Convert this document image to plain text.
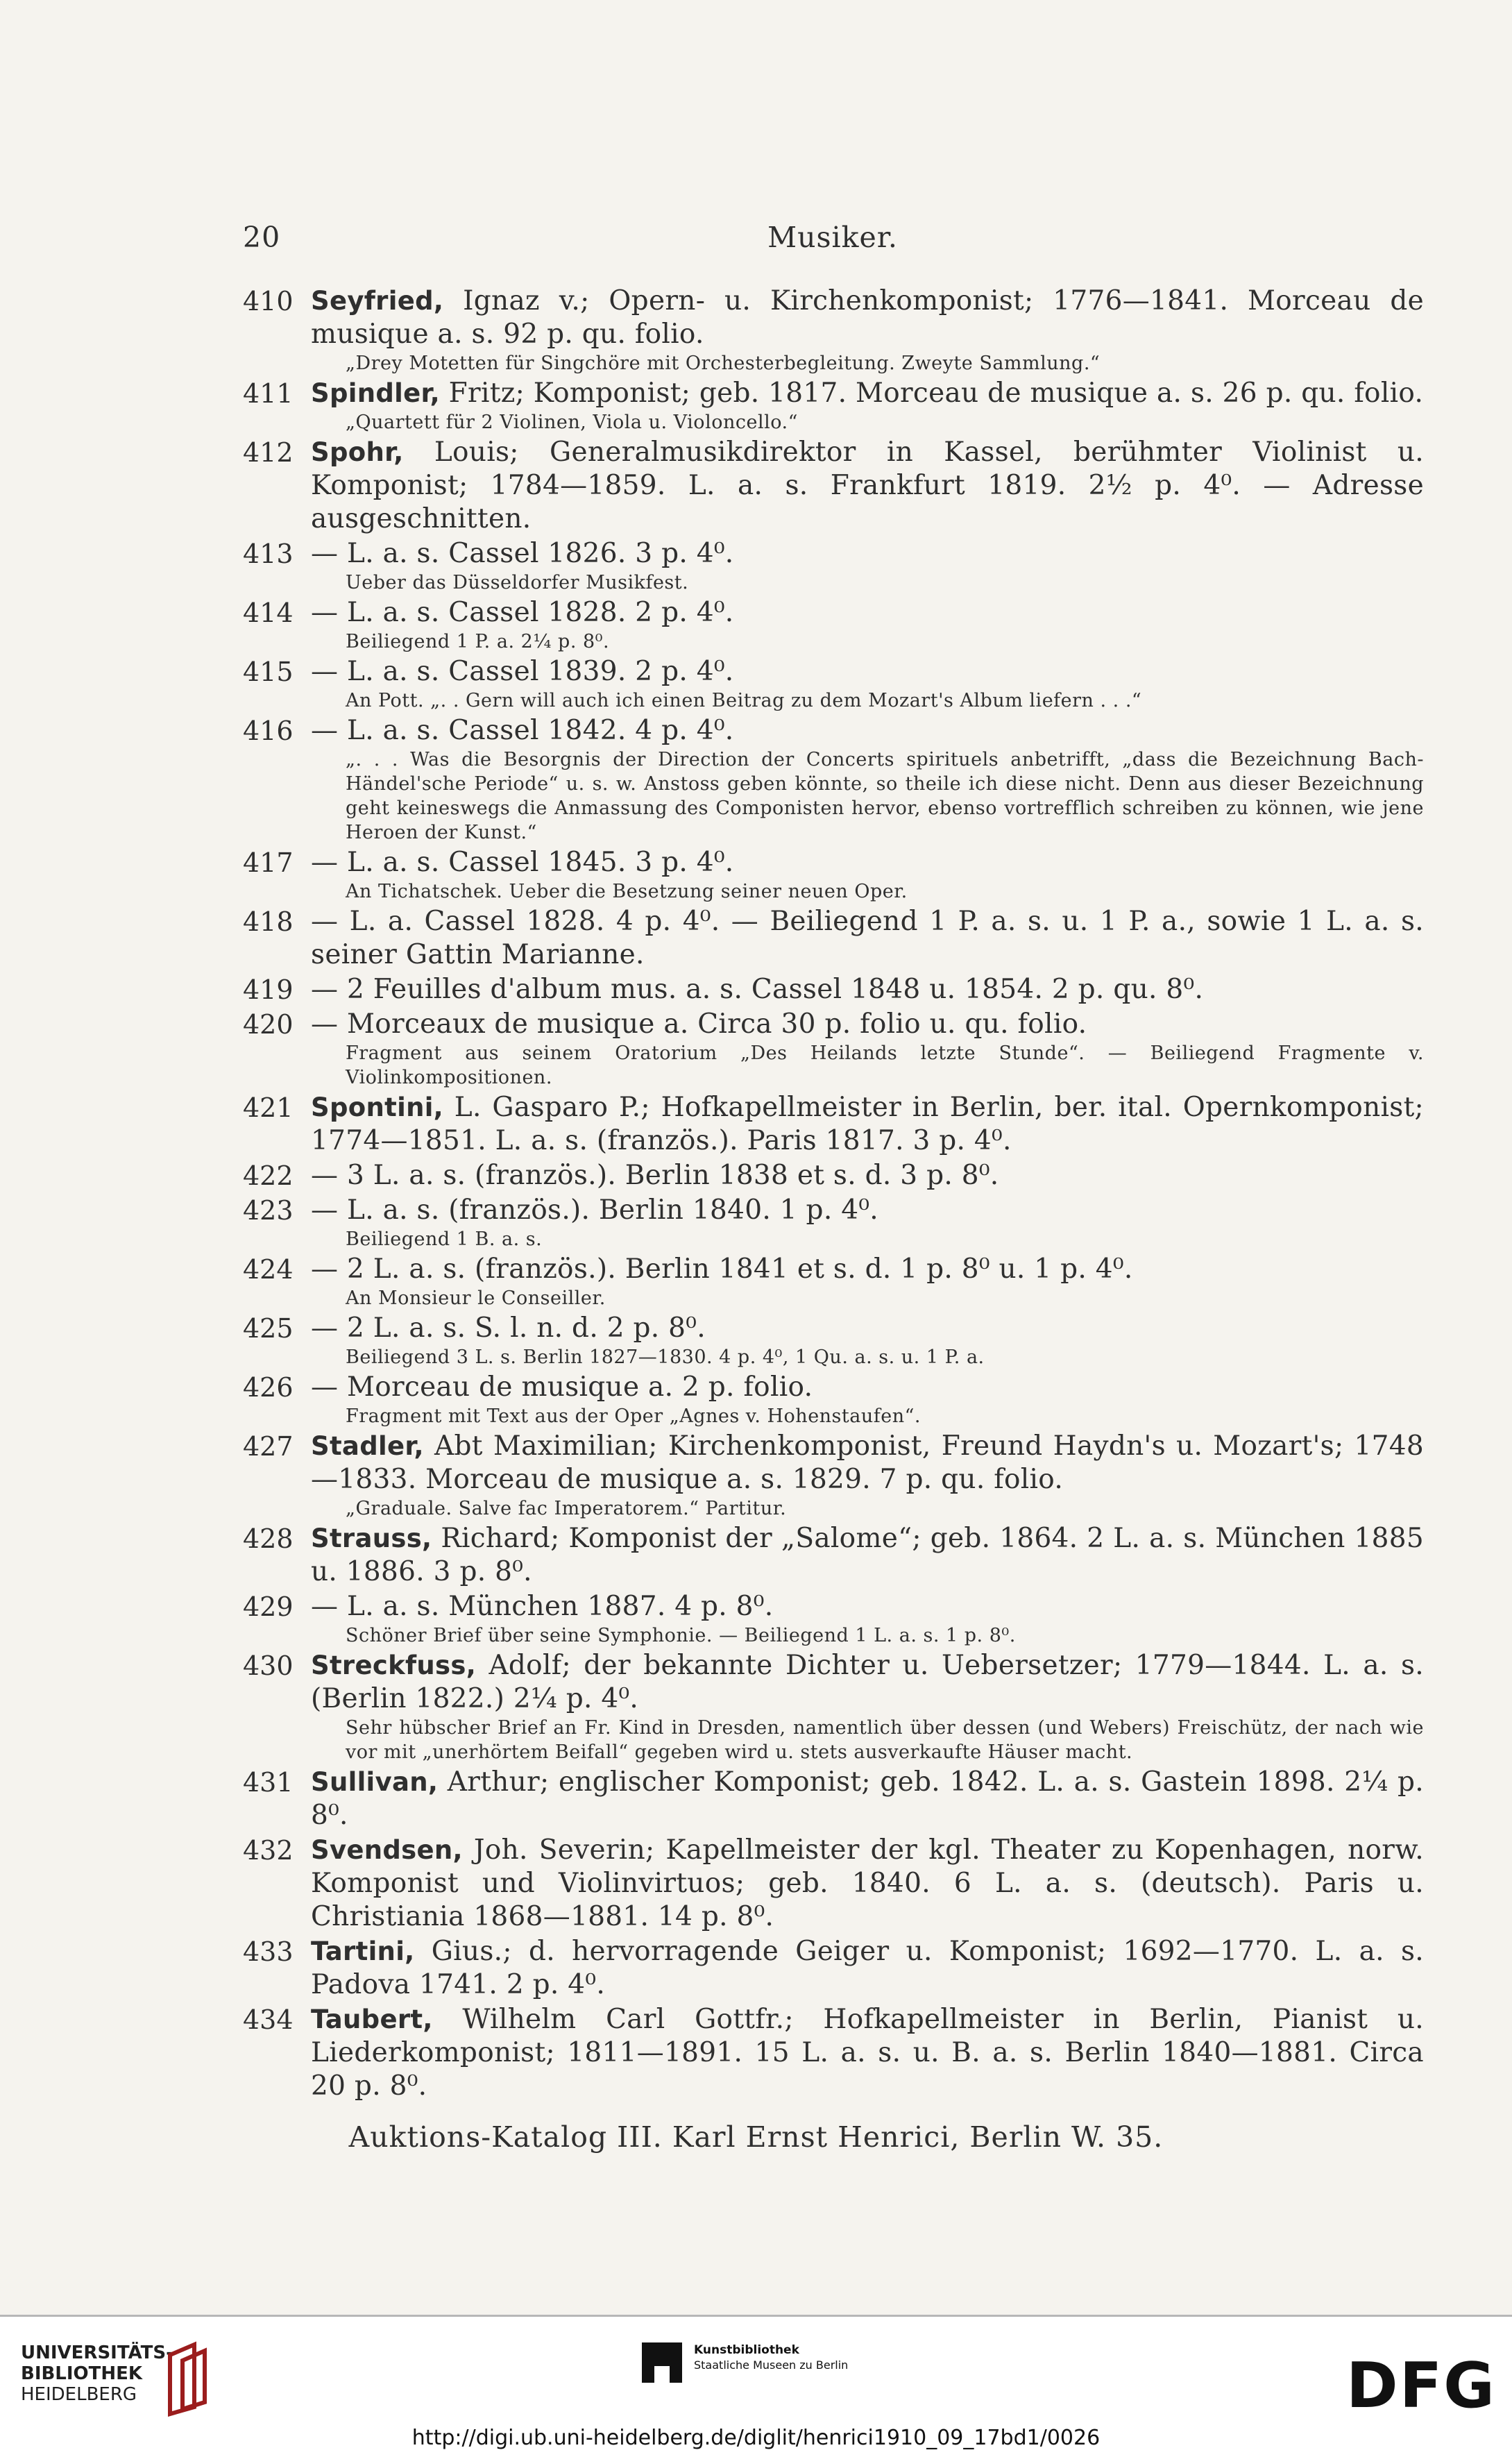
20	Musiker.
410 Seyfried, Ignaz v.; Opern- u. Kirchenkomponist; 1776—1841. Morceau de musique a. s. 92 p. qu. folio.
„Drey Motetten für Singchöre mit Orchesterbegleitung. Zweyte Sammlung.“
411 Spindler, Fritz; Komponist; geb. 1817. Morceau de musique a. s. 26 p. qu. folio.
„Quartett für 2 Violinen, Viola u. Violoncello.“
412 Spohr, Louis; Generalmusikdirektor in Kassel, berühmter Violinist u. Komponist; 1784—1859. L. a. s. Frankfurt 1819. 2½ p. 4⁰. — Adresse ausgeschnitten.
413 — L. a. s. Cassel 1826. 3 p. 4⁰.
Ueber das Düsseldorfer Musikfest.
414 — L. a. s. Cassel 1828. 2 p. 4⁰.
Beiliegend 1 P. a. 2¼ p. 8⁰.
415 — L. a. s. Cassel 1839. 2 p. 4⁰.
An Pott. „. . Gern will auch ich einen Beitrag zu dem Mozart's Album liefern . . .“
416 — L. a. s. Cassel 1842. 4 p. 4⁰.
„. . . Was die Besorgnis der Direction der Concerts spirituels anbetrifft, „dass die Bezeichnung Bach-Händel'sche Periode“ u. s. w. Anstoss geben könnte, so theile ich diese nicht. Denn aus dieser Bezeichnung geht keineswegs die Anmassung des Componisten hervor, ebenso vortrefflich schreiben zu können, wie jene Heroen der Kunst.“
417 — L. a. s. Cassel 1845. 3 p. 4⁰.
An Tichatschek. Ueber die Besetzung seiner neuen Oper.
418 — L. a. Cassel 1828. 4 p. 4⁰. — Beiliegend 1 P. a. s. u. 1 P. a., sowie 1 L. a. s. seiner Gattin Marianne.
419 — 2 Feuilles d'album mus. a. s. Cassel 1848 u. 1854. 2 p. qu. 8⁰.
420 — Morceaux de musique a. Circa 30 p. folio u. qu. folio.
Fragment aus seinem Oratorium „Des Heilands letzte Stunde“. — Beiliegend Fragmente v. Violinkompositionen.
421 Spontini, L. Gasparo P.; Hofkapellmeister in Berlin, ber. ital. Opernkomponist; 1774—1851. L. a. s. (französ.). Paris 1817. 3 p. 4⁰.
422 — 3 L. a. s. (französ.). Berlin 1838 et s. d. 3 p. 8⁰.
423 — L. a. s. (französ.). Berlin 1840. 1 p. 4⁰.
Beiliegend 1 B. a. s.
424 — 2 L. a. s. (französ.). Berlin 1841 et s. d. 1 p. 8⁰ u. 1 p. 4⁰.
An Monsieur le Conseiller.
425 — 2 L. a. s. S. l. n. d. 2 p. 8⁰.
Beiliegend 3 L. s. Berlin 1827—1830. 4 p. 4⁰, 1 Qu. a. s. u. 1 P. a.
426 — Morceau de musique a. 2 p. folio.
Fragment mit Text aus der Oper „Agnes v. Hohenstaufen“.
427 Stadler, Abt Maximilian; Kirchenkomponist, Freund Haydn's u. Mozart's; 1748—1833. Morceau de musique a. s. 1829. 7 p. qu. folio.
„Graduale. Salve fac Imperatorem.“ Partitur.
428 Strauss, Richard; Komponist der „Salome“; geb. 1864. 2 L. a. s. München 1885 u. 1886. 3 p. 8⁰.
429 — L. a. s. München 1887. 4 p. 8⁰.
Schöner Brief über seine Symphonie. — Beiliegend 1 L. a. s. 1 p. 8⁰.
430 Streckfuss, Adolf; der bekannte Dichter u. Uebersetzer; 1779—1844. L. a. s. (Berlin 1822.) 2¼ p. 4⁰.
Sehr hübscher Brief an Fr. Kind in Dresden, namentlich über dessen (und Webers) Freischütz, der nach wie vor mit „unerhörtem Beifall“ gegeben wird u. stets ausverkaufte Häuser macht.
431 Sullivan, Arthur; englischer Komponist; geb. 1842. L. a. s. Gastein 1898. 2¼ p. 8⁰.
432 Svendsen, Joh. Severin; Kapellmeister der kgl. Theater zu Kopenhagen, norw. Komponist und Violinvirtuos; geb. 1840. 6 L. a. s. (deutsch). Paris u. Christiania 1868—1881. 14 p. 8⁰.
433 Tartini, Gius.; d. hervorragende Geiger u. Komponist; 1692—1770. L. a. s. Padova 1741. 2 p. 4⁰.
434 Taubert, Wilhelm Carl Gottfr.; Hofkapellmeister in Berlin, Pianist u. Liederkomponist; 1811—1891. 15 L. a. s. u. B. a. s. Berlin 1840—1881. Circa 20 p. 8⁰.
Auktions-Katalog III. Karl Ernst Henrici, Berlin W. 35.
UNIVERSITÄTS-
BIBLIOTHEK
HEIDELBERG
Kunstbibliothek
Staatliche Museen zu Berlin	DFG
http://digi.ub.uni-heidelberg.de/diglit/henrici1910_09_17bd1/0026
